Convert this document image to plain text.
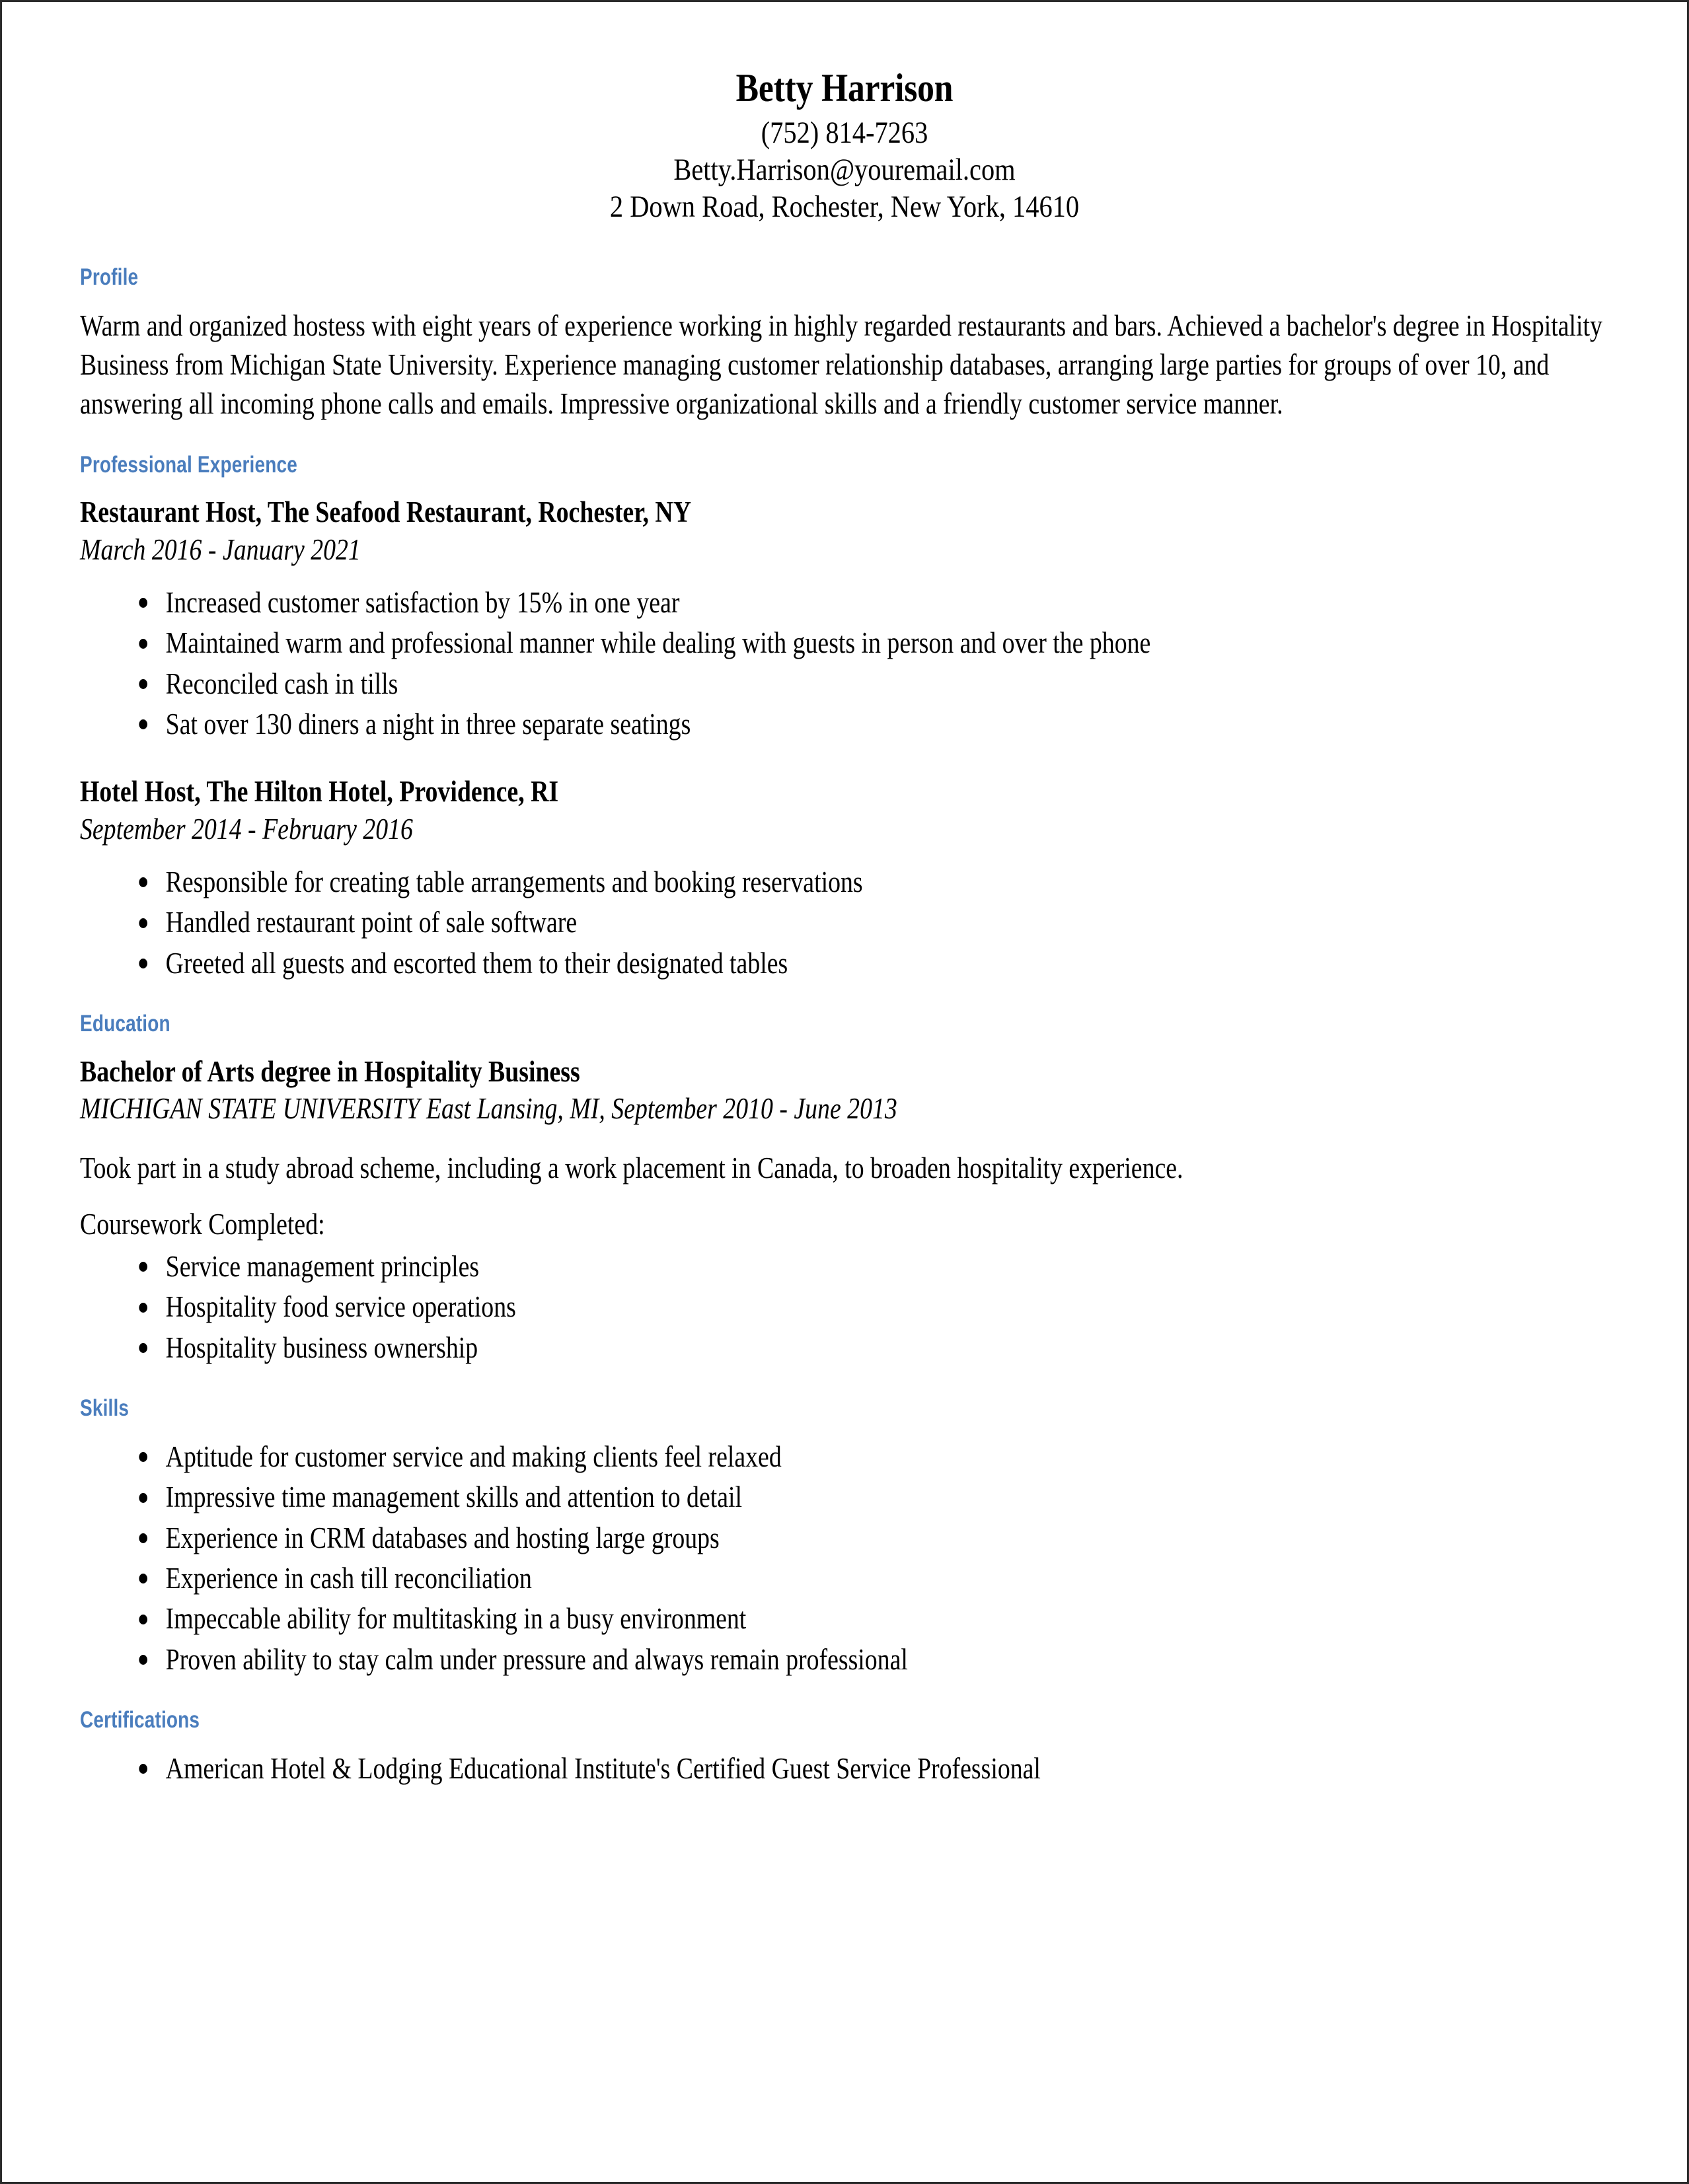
Betty Harrison
(752) 814-7263
Betty.Harrison@youremail.com
2 Down Road, Rochester, New York, 14610
Profile

Warm and organized hostess with eight years of experience working in highly regarded restaurants and bars. Achieved a bachelor's degree in Hospitality Business from Michigan State University. Experience managing customer relationship databases, arranging large parties for groups of over 10, and answering all incoming phone calls and emails. Impressive organizational skills and a friendly customer service manner.

Professional Experience
Restaurant Host, The Seafood Restaurant, Rochester, NY
March 2016 - January 2021
Increased customer satisfaction by 15% in one year
Maintained warm and professional manner while dealing with guests in person and over the phone
Reconciled cash in tills
Sat over 130 diners a night in three separate seatings
Hotel Host, The Hilton Hotel, Providence, RI
September 2014 - February 2016
Responsible for creating table arrangements and booking reservations
Handled restaurant point of sale software
Greeted all guests and escorted them to their designated tables
Education
Bachelor of Arts degree in Hospitality Business
MICHIGAN STATE UNIVERSITY East Lansing, MI, September 2010 - June 2013

Took part in a study abroad scheme, including a work placement in Canada, to broaden hospitality experience.

Coursework Completed:

Service management principles
Hospitality food service operations
Hospitality business ownership
Skills
Aptitude for customer service and making clients feel relaxed
Impressive time management skills and attention to detail
Experience in CRM databases and hosting large groups
Experience in cash till reconciliation
Impeccable ability for multitasking in a busy environment
Proven ability to stay calm under pressure and always remain professional
Certifications
American Hotel & Lodging Educational Institute's Certified Guest Service Professional
